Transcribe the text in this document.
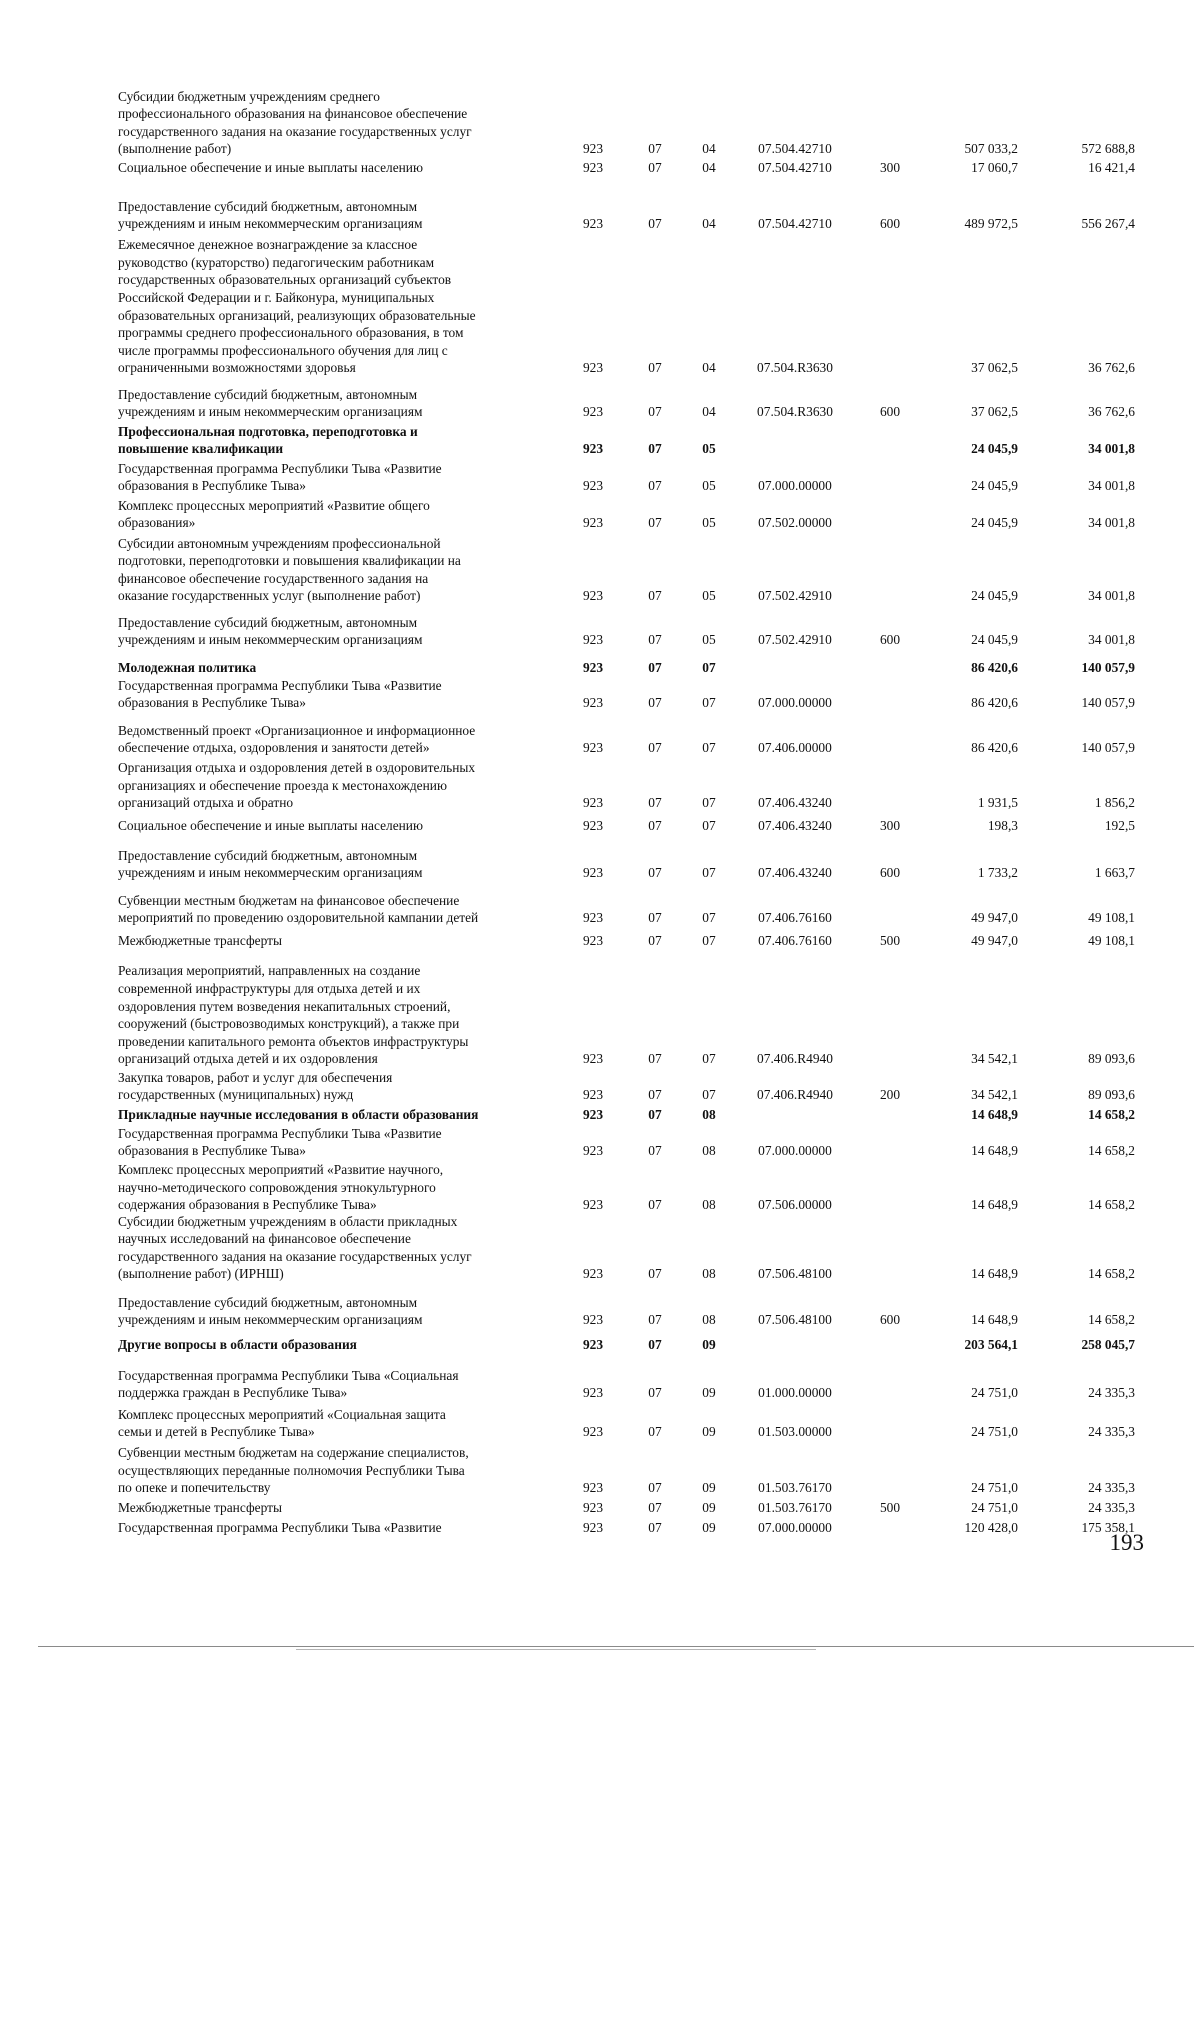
Субсидии бюджетным учреждениям среднего
профессионального образования на финансовое обеспечение
государственного задания на оказание государственных услуг
(выполнение работ)	923	07	04	07.504.42710	507 033,2	572 688,8
Социальное обеспечение и иные выплаты населению	923	07	04	07.504.42710	300	17 060,7	16 421,4
Предоставление субсидий бюджетным, автономным
учреждениям и иным некоммерческим организациям	923	07	04	07.504.42710	600	489 972,5	556 267,4
Ежемесячное денежное вознаграждение за классное
руководство (кураторство) педагогическим работникам
государственных образовательных организаций субъектов
Российской Федерации и г. Байконура, муниципальных
образовательных организаций, реализующих образовательные
программы среднего профессионального образования, в том
числе программы профессионального обучения для лиц с
ограниченными возможностями здоровья	923	07	04	07.504.R3630	37 062,5	36 762,6
Предоставление субсидий бюджетным, автономным
учреждениям и иным некоммерческим организациям	923	07	04	07.504.R3630	600	37 062,5	36 762,6
Профессиональная подготовка, переподготовка и
повышение квалификации	923	07	05	24 045,9	34 001,8
Государственная программа Республики Тыва «Развитие
образования в Республике Тыва»	923	07	05	07.000.00000	24 045,9	34 001,8
Комплекс процессных мероприятий «Развитие общего
образования»	923	07	05	07.502.00000	24 045,9	34 001,8
Субсидии автономным учреждениям профессиональной
подготовки, переподготовки и повышения квалификации на
финансовое обеспечение государственного задания на
оказание государственных услуг (выполнение работ)	923	07	05	07.502.42910	24 045,9	34 001,8
Предоставление субсидий бюджетным, автономным
учреждениям и иным некоммерческим организациям	923	07	05	07.502.42910	600	24 045,9	34 001,8
Молодежная политика	923	07	07	86 420,6	140 057,9
Государственная программа Республики Тыва «Развитие
образования в Республике Тыва»	923	07	07	07.000.00000	86 420,6	140 057,9
Ведомственный проект «Организационное и информационное
обеспечение отдыха, оздоровления и занятости детей»	923	07	07	07.406.00000	86 420,6	140 057,9
Организация отдыха и оздоровления детей в оздоровительных
организациях и обеспечение проезда к местонахождению
организаций отдыха и обратно	923	07	07	07.406.43240	1 931,5	1 856,2
Социальное обеспечение и иные выплаты населению	923	07	07	07.406.43240	300	198,3	192,5
Предоставление субсидий бюджетным, автономным
учреждениям и иным некоммерческим организациям	923	07	07	07.406.43240	600	1 733,2	1 663,7
Субвенции местным бюджетам на финансовое обеспечение
мероприятий по проведению оздоровительной кампании детей	923	07	07	07.406.76160	49 947,0	49 108,1
Межбюджетные трансферты	923	07	07	07.406.76160	500	49 947,0	49 108,1
Реализация мероприятий, направленных на создание
современной инфраструктуры для отдыха детей и их
оздоровления путем возведения некапитальных строений,
сооружений (быстровозводимых конструкций), а также при
проведении капитального ремонта объектов инфраструктуры
организаций отдыха детей и их оздоровления	923	07	07	07.406.R4940	34 542,1	89 093,6
Закупка товаров, работ и услуг для обеспечения
государственных (муниципальных) нужд	923	07	07	07.406.R4940	200	34 542,1	89 093,6
Прикладные научные исследования в области образования	923	07	08	14 648,9	14 658,2
Государственная программа Республики Тыва «Развитие
образования в Республике Тыва»	923	07	08	07.000.00000	14 648,9	14 658,2
Комплекс процессных мероприятий «Развитие научного,
научно-методического сопровождения этнокультурного
содержания образования в Республике Тыва»	923	07	08	07.506.00000	14 648,9	14 658,2
Субсидии бюджетным учреждениям в области прикладных
научных исследований на финансовое обеспечение
государственного задания на оказание государственных услуг
(выполнение работ) (ИРНШ)	923	07	08	07.506.48100	14 648,9	14 658,2
Предоставление субсидий бюджетным, автономным
учреждениям и иным некоммерческим организациям	923	07	08	07.506.48100	600	14 648,9	14 658,2
Другие вопросы в области образования	923	07	09	203 564,1	258 045,7
Государственная программа Республики Тыва «Социальная
поддержка граждан в Республике Тыва»	923	07	09	01.000.00000	24 751,0	24 335,3
Комплекс процессных мероприятий «Социальная защита
семьи и детей в Республике Тыва»	923	07	09	01.503.00000	24 751,0	24 335,3
Субвенции местным бюджетам на содержание специалистов,
осуществляющих переданные полномочия Республики Тыва
по опеке и попечительству	923	07	09	01.503.76170	24 751,0	24 335,3
Межбюджетные трансферты	923	07	09	01.503.76170	500	24 751,0	24 335,3
Государственная программа Республики Тыва «Развитие	923	07	09	07.000.00000	120 428,0	175 358,1
193
